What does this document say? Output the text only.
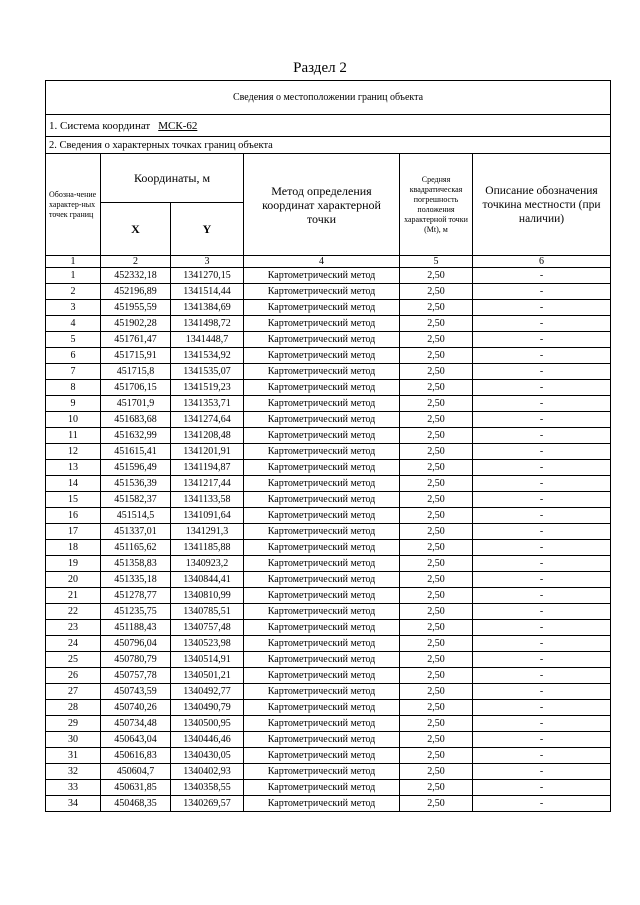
Раздел 2
Сведения о местоположении границ объекта					
1. Система координат МСК-62					
2. Сведения о характерных точках границ объекта					
Обозна-чение характер-ных точек границ	Координаты, м		Метод определения координат характерной точки	Средняя квадратическая погрешность положения характерной точки (Mt), м	Описание обозначения точкина местности (при наличии)
	X	Y			
1	2	3	4	5	6
1	452332,18	1341270,15	Картометрический метод	2,50	-
2	452196,89	1341514,44	Картометрический метод	2,50	-
3	451955,59	1341384,69	Картометрический метод	2,50	-
4	451902,28	1341498,72	Картометрический метод	2,50	-
5	451761,47	1341448,7	Картометрический метод	2,50	-
6	451715,91	1341534,92	Картометрический метод	2,50	-
7	451715,8	1341535,07	Картометрический метод	2,50	-
8	451706,15	1341519,23	Картометрический метод	2,50	-
9	451701,9	1341353,71	Картометрический метод	2,50	-
10	451683,68	1341274,64	Картометрический метод	2,50	-
11	451632,99	1341208,48	Картометрический метод	2,50	-
12	451615,41	1341201,91	Картометрический метод	2,50	-
13	451596,49	1341194,87	Картометрический метод	2,50	-
14	451536,39	1341217,44	Картометрический метод	2,50	-
15	451582,37	1341133,58	Картометрический метод	2,50	-
16	451514,5	1341091,64	Картометрический метод	2,50	-
17	451337,01	1341291,3	Картометрический метод	2,50	-
18	451165,62	1341185,88	Картометрический метод	2,50	-
19	451358,83	1340923,2	Картометрический метод	2,50	-
20	451335,18	1340844,41	Картометрический метод	2,50	-
21	451278,77	1340810,99	Картометрический метод	2,50	-
22	451235,75	1340785,51	Картометрический метод	2,50	-
23	451188,43	1340757,48	Картометрический метод	2,50	-
24	450796,04	1340523,98	Картометрический метод	2,50	-
25	450780,79	1340514,91	Картометрический метод	2,50	-
26	450757,78	1340501,21	Картометрический метод	2,50	-
27	450743,59	1340492,77	Картометрический метод	2,50	-
28	450740,26	1340490,79	Картометрический метод	2,50	-
29	450734,48	1340500,95	Картометрический метод	2,50	-
30	450643,04	1340446,46	Картометрический метод	2,50	-
31	450616,83	1340430,05	Картометрический метод	2,50	-
32	450604,7	1340402,93	Картометрический метод	2,50	-
33	450631,85	1340358,55	Картометрический метод	2,50	-
34	450468,35	1340269,57	Картометрический метод	2,50	-
